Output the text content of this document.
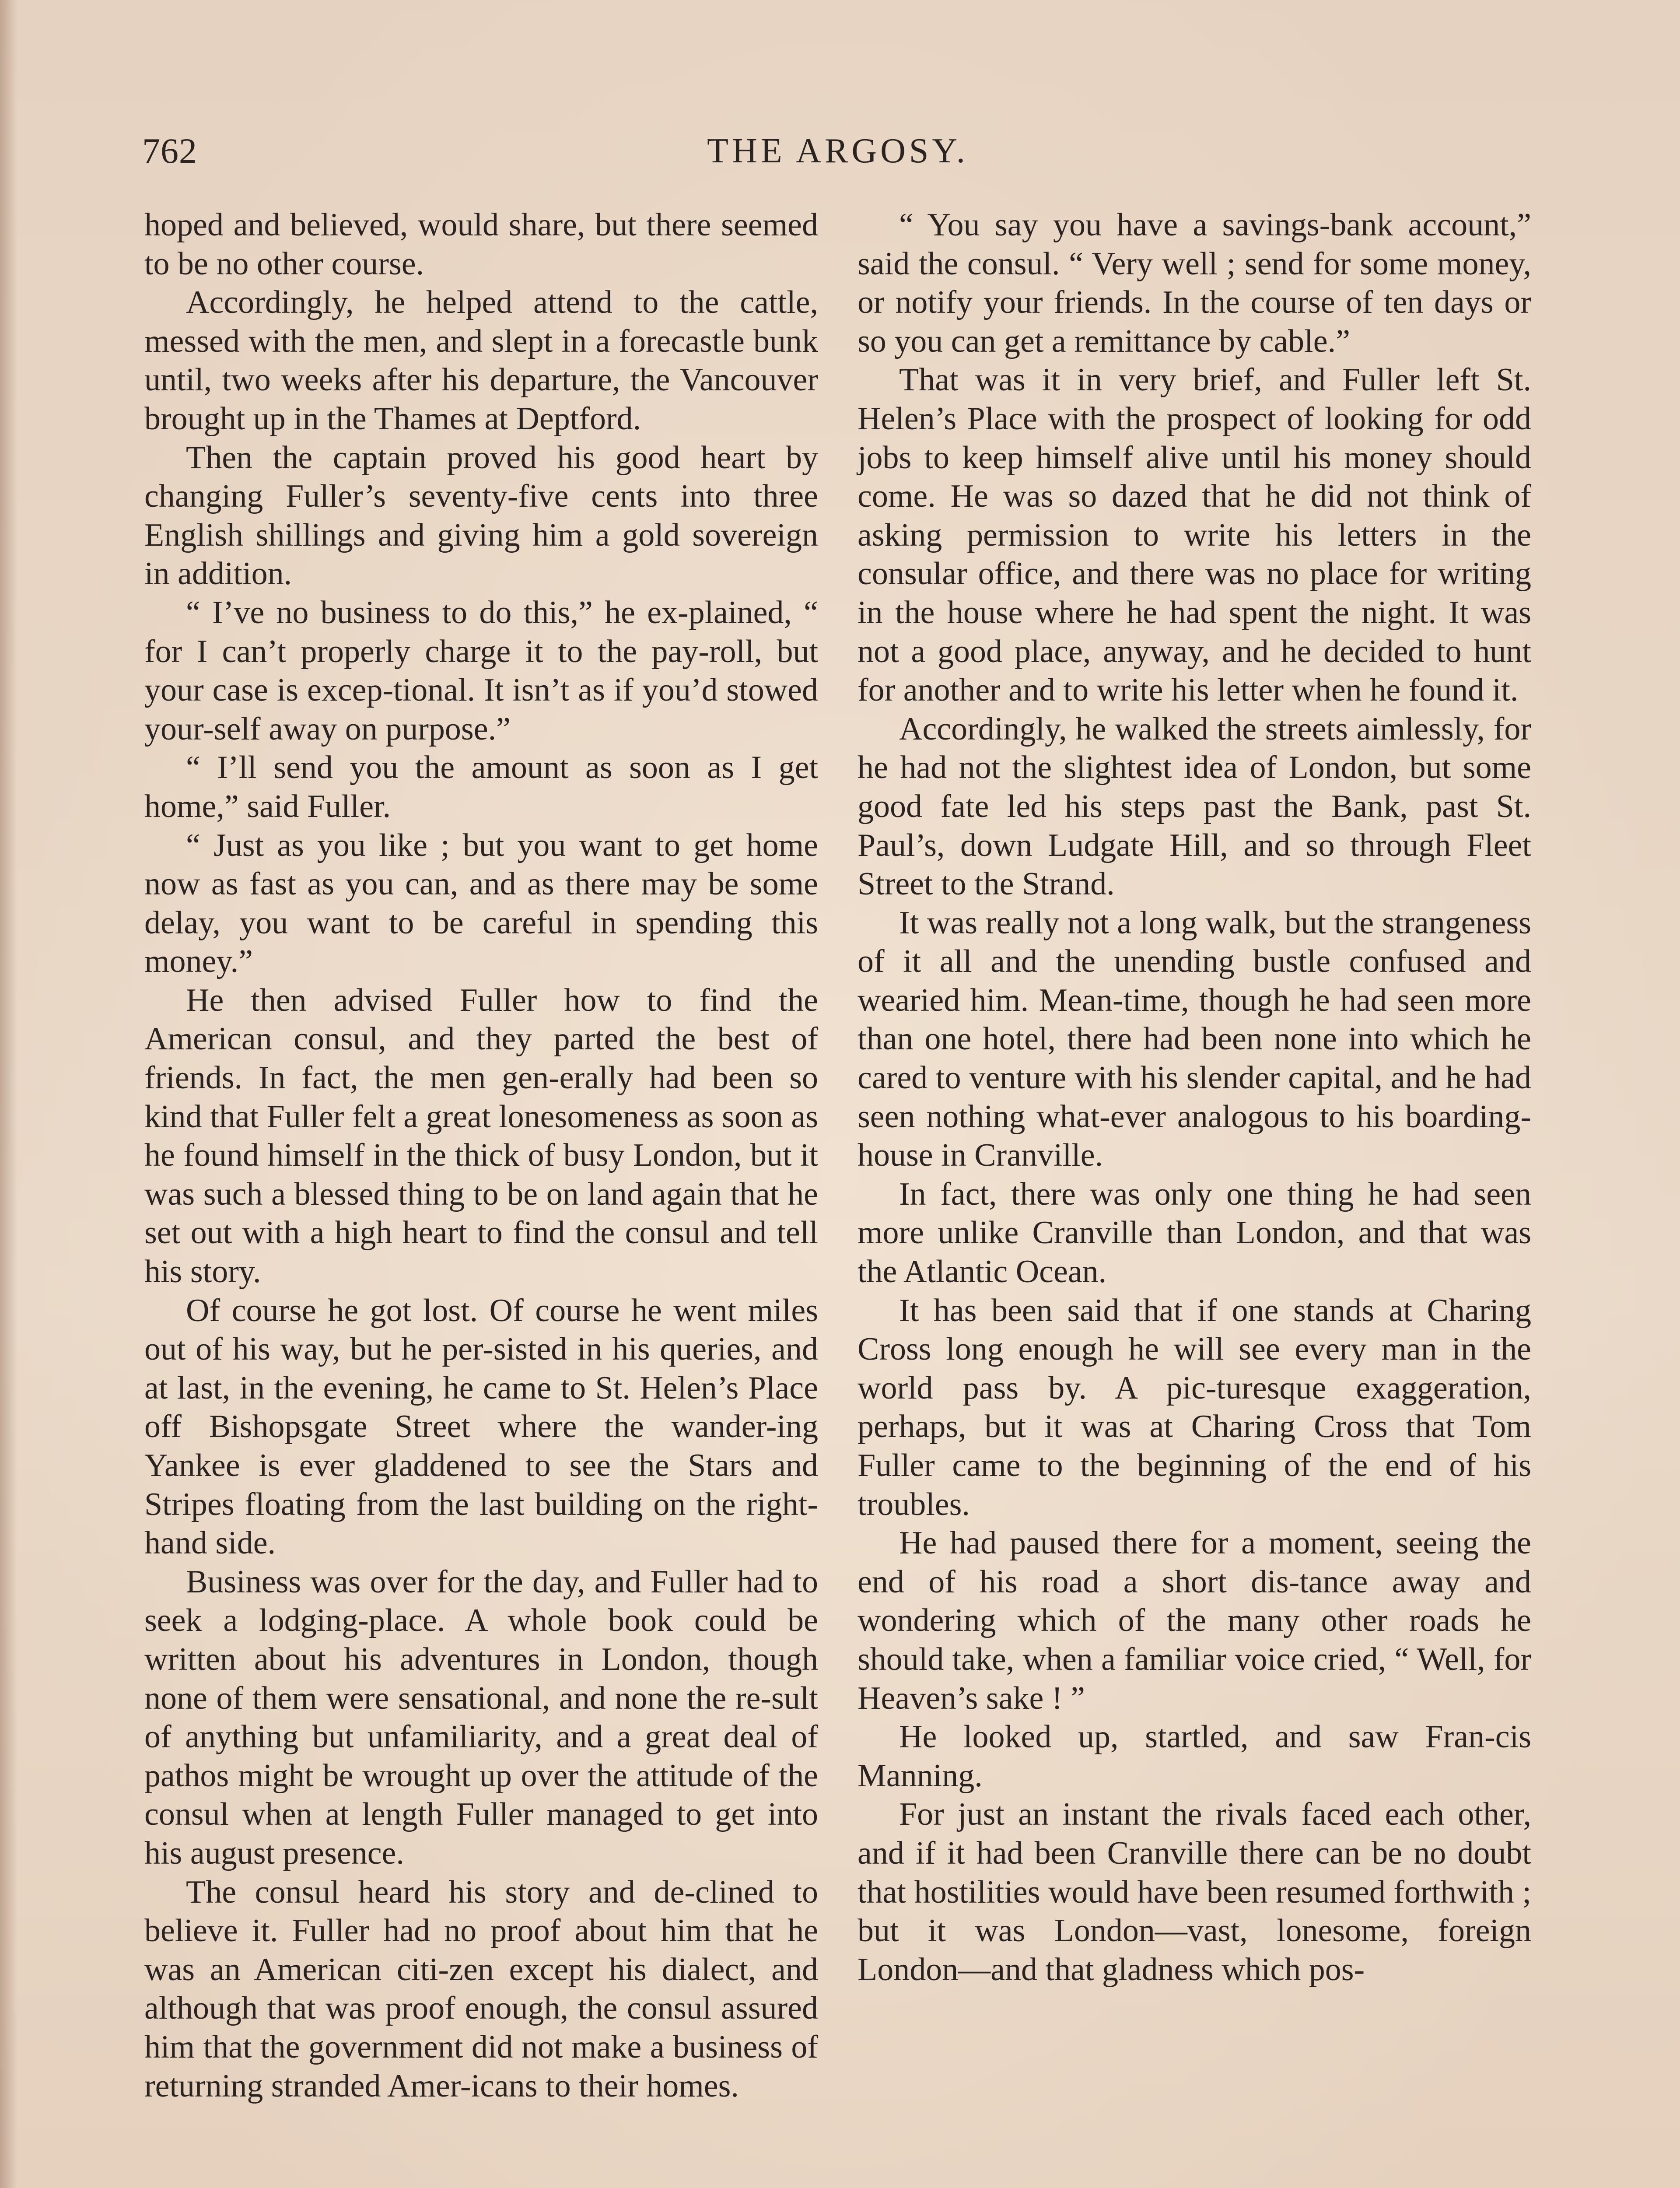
762	THE ARGOSY.

hoped and believed, would share, but there seemed to be no other course.

Accordingly, he helped attend to the cattle, messed with the men, and slept in a forecastle bunk until, two weeks after his departure, the Vancouver brought up in the Thames at Deptford.

Then the captain proved his good heart by changing Fuller’s seventy-five cents into three English shillings and giving him a gold sovereign in addition.

“ I’ve no business to do this,” he ex-plained, “ for I can’t properly charge it to the pay-roll, but your case is excep-tional. It isn’t as if you’d stowed your-self away on purpose.”

“ I’ll send you the amount as soon as I get home,” said Fuller.

“ Just as you like ; but you want to get home now as fast as you can, and as there may be some delay, you want to be careful in spending this money.”

He then advised Fuller how to find the American consul, and they parted the best of friends. In fact, the men gen-erally had been so kind that Fuller felt a great lonesomeness as soon as he found himself in the thick of busy London, but it was such a blessed thing to be on land again that he set out with a high heart to find the consul and tell his story.

Of course he got lost. Of course he went miles out of his way, but he per-sisted in his queries, and at last, in the evening, he came to St. Helen’s Place off Bishopsgate Street where the wander-ing Yankee is ever gladdened to see the Stars and Stripes floating from the last building on the right-hand side.

Business was over for the day, and Fuller had to seek a lodging-place. A whole book could be written about his adventures in London, though none of them were sensational, and none the re-sult of anything but unfamiliarity, and a great deal of pathos might be wrought up over the attitude of the consul when at length Fuller managed to get into his august presence.

The consul heard his story and de-clined to believe it. Fuller had no proof about him that he was an American citi-zen except his dialect, and although that was proof enough, the consul assured him that the government did not make a business of returning stranded Amer-icans to their homes.

“ You say you have a savings-bank account,” said the consul. “ Very well ; send for some money, or notify your friends. In the course of ten days or so you can get a remittance by cable.”

That was it in very brief, and Fuller left St. Helen’s Place with the prospect of looking for odd jobs to keep himself alive until his money should come. He was so dazed that he did not think of asking permission to write his letters in the consular office, and there was no place for writing in the house where he had spent the night. It was not a good place, anyway, and he decided to hunt for another and to write his letter when he found it.

Accordingly, he walked the streets aimlessly, for he had not the slightest idea of London, but some good fate led his steps past the Bank, past St. Paul’s, down Ludgate Hill, and so through Fleet Street to the Strand.

It was really not a long walk, but the strangeness of it all and the unending bustle confused and wearied him. Mean-time, though he had seen more than one hotel, there had been none into which he cared to venture with his slender capital, and he had seen nothing what-ever analogous to his boarding-house in Cranville.

In fact, there was only one thing he had seen more unlike Cranville than London, and that was the Atlantic Ocean.

It has been said that if one stands at Charing Cross long enough he will see every man in the world pass by. A pic-turesque exaggeration, perhaps, but it was at Charing Cross that Tom Fuller came to the beginning of the end of his troubles.

He had paused there for a moment, seeing the end of his road a short dis-tance away and wondering which of the many other roads he should take, when a familiar voice cried, “ Well, for Heaven’s sake ! ”

He looked up, startled, and saw Fran-cis Manning.

For just an instant the rivals faced each other, and if it had been Cranville there can be no doubt that hostilities would have been resumed forthwith ; but it was London—vast, lonesome, foreign London—and that gladness which pos-
